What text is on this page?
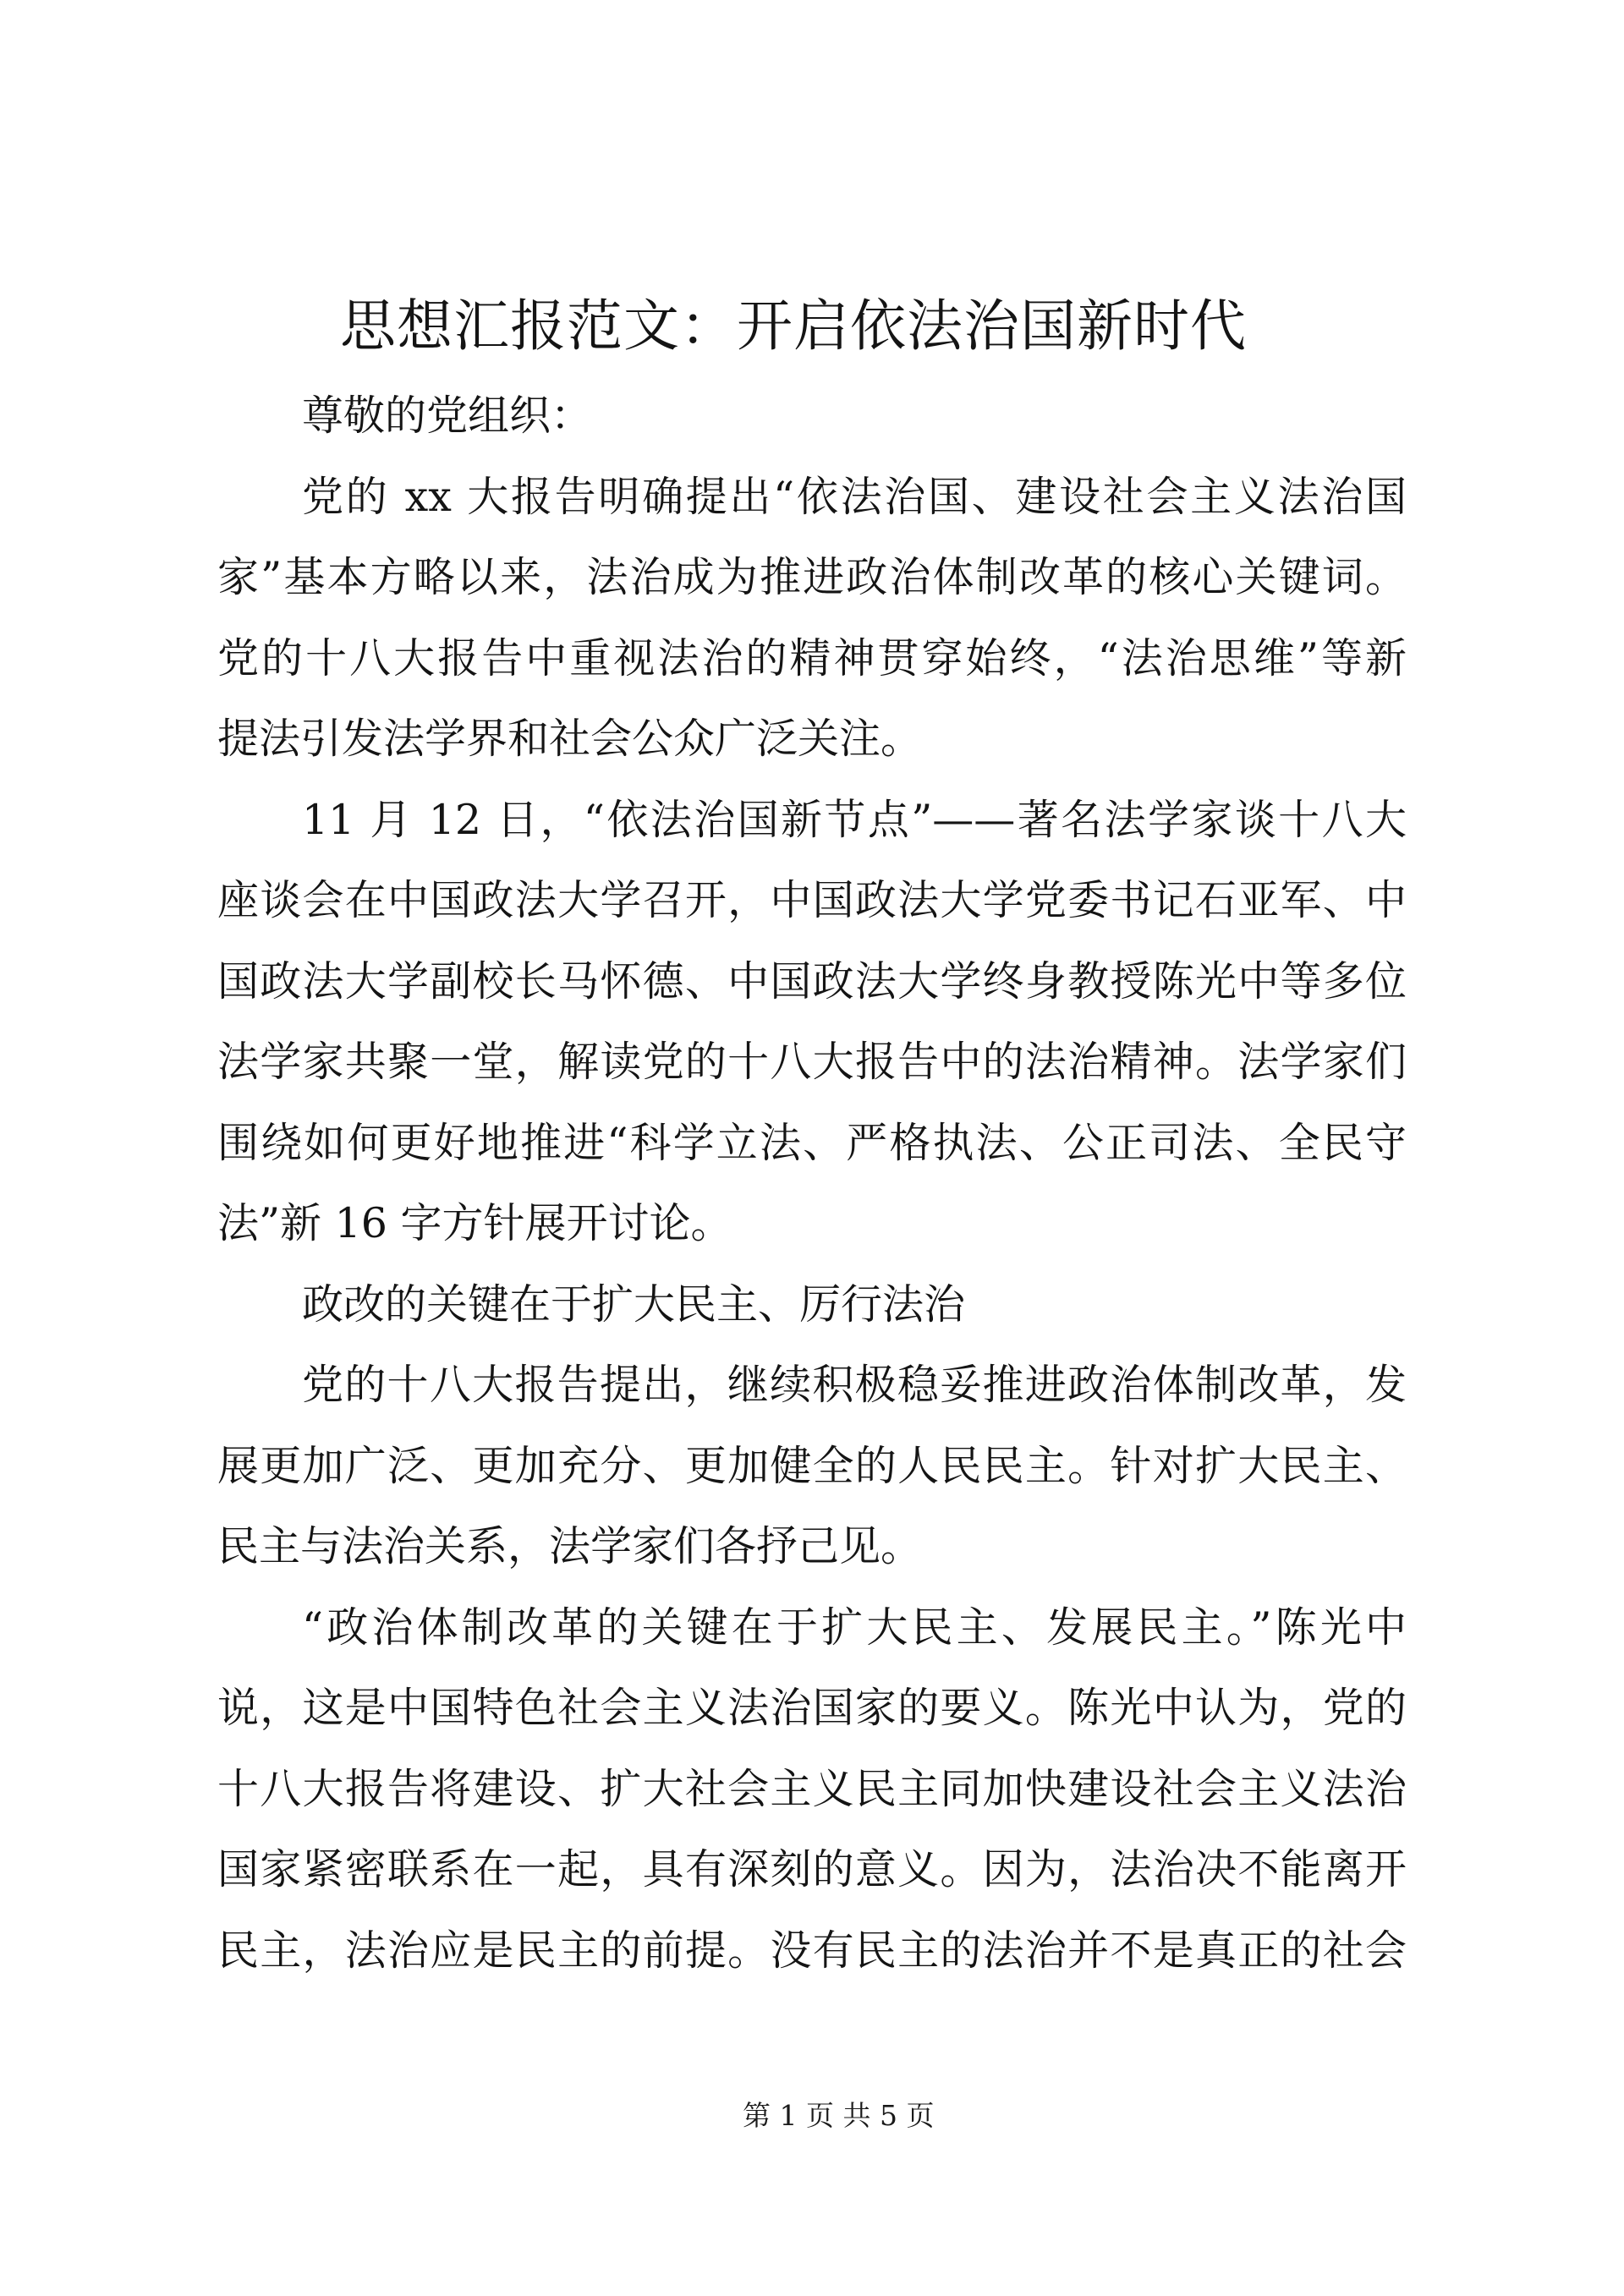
思想汇报范文：开启依法治国新时代
尊敬的党组织：
党的 xx 大报告明确提出“依法治国、建设社会主义法治国
家”基本方略以来，法治成为推进政治体制改革的核心关键词。
党的十八大报告中重视法治的精神贯穿始终，“法治思维”等新
提法引发法学界和社会公众广泛关注。
11 月 12 日，“依法治国新节点”——著名法学家谈十八大
座谈会在中国政法大学召开，中国政法大学党委书记石亚军、中
国政法大学副校长马怀德、中国政法大学终身教授陈光中等多位
法学家共聚一堂，解读党的十八大报告中的法治精神。法学家们
围绕如何更好地推进“科学立法、严格执法、公正司法、全民守
法”新 16 字方针展开讨论。
政改的关键在于扩大民主、厉行法治
党的十八大报告提出，继续积极稳妥推进政治体制改革，发
展更加广泛、更加充分、更加健全的人民民主。针对扩大民主、
民主与法治关系，法学家们各抒己见。
“政治体制改革的关键在于扩大民主、发展民主。”陈光中
说，这是中国特色社会主义法治国家的要义。陈光中认为，党的
十八大报告将建设、扩大社会主义民主同加快建设社会主义法治
国家紧密联系在一起，具有深刻的意义。因为，法治决不能离开
民主，法治应是民主的前提。没有民主的法治并不是真正的社会
第 1 页 共 5 页
